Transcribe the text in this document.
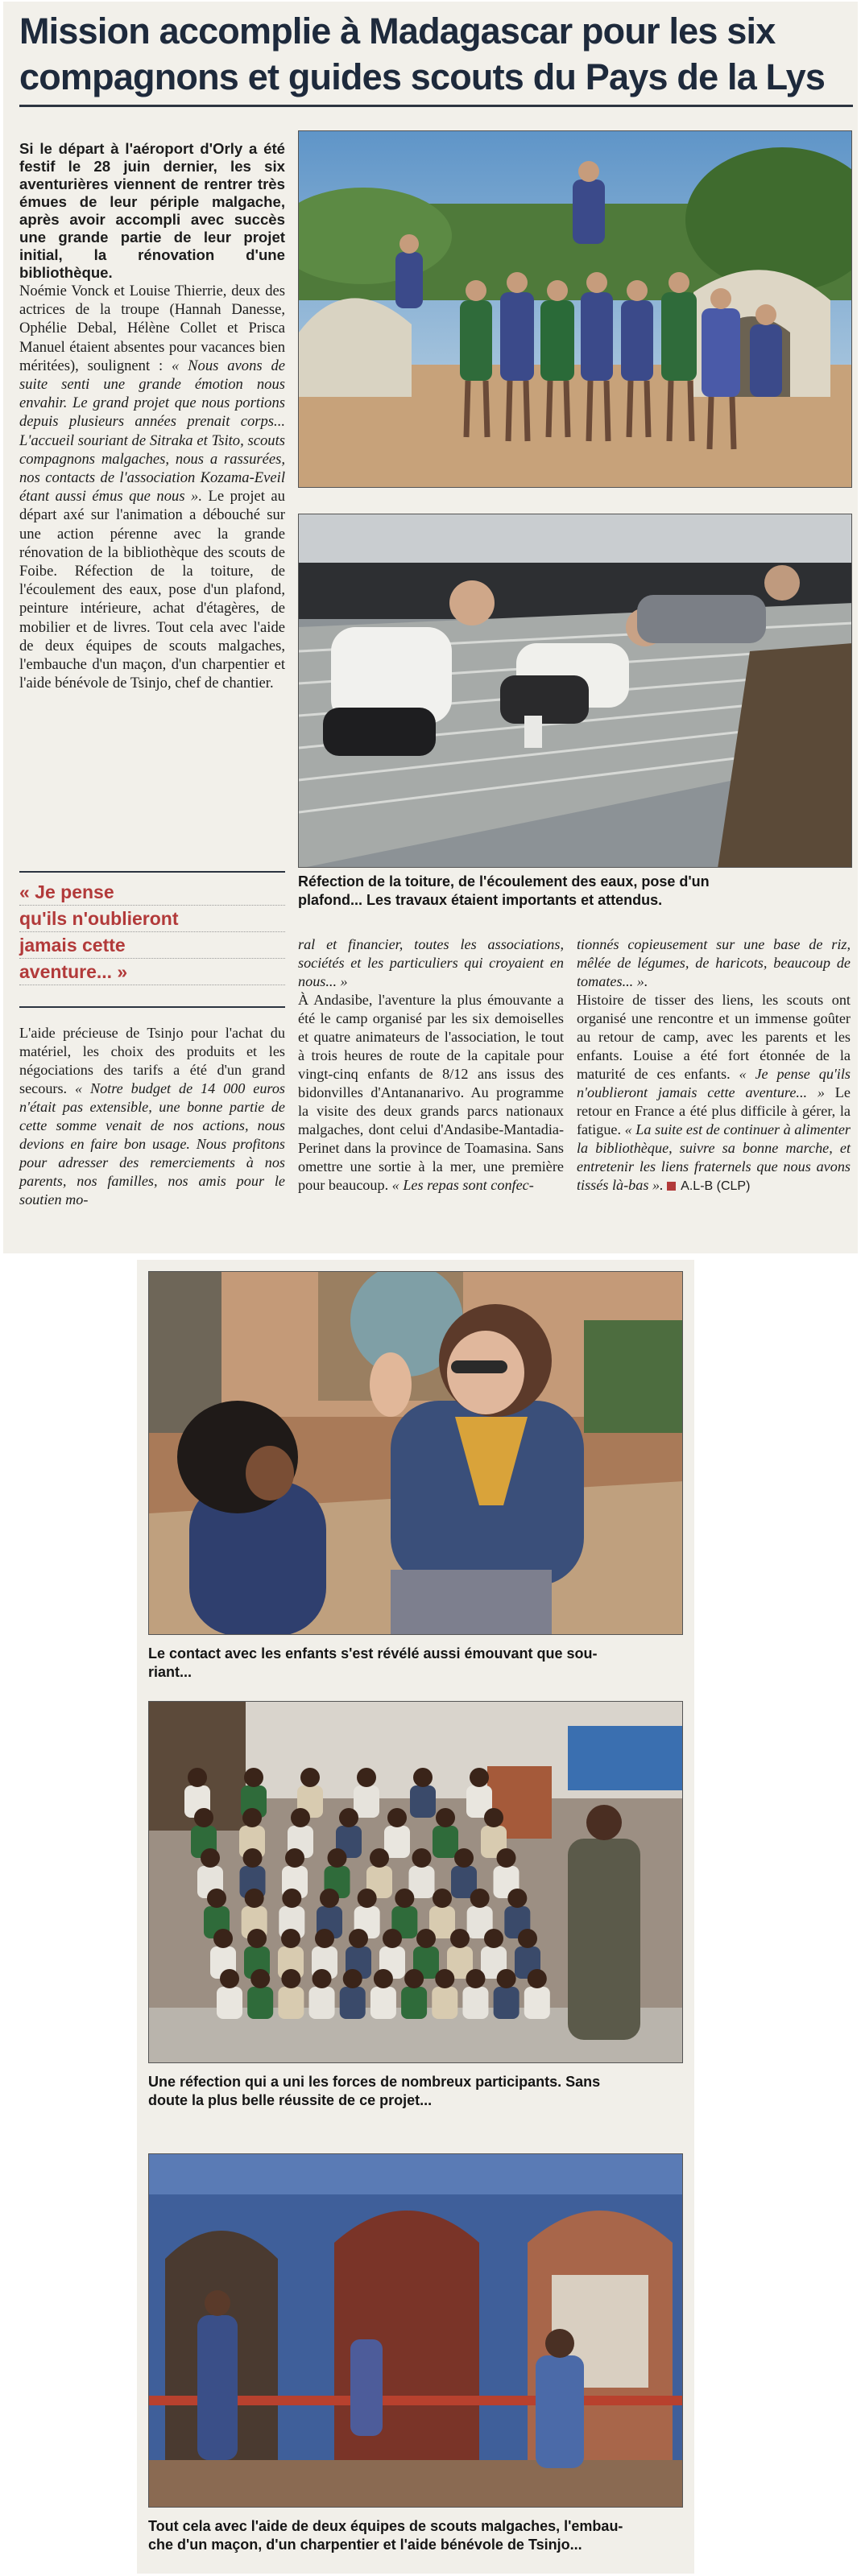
Mission accomplie à Madagascar pour les six
compagnons et guides scouts du Pays de la Lys

Si le départ à l'aéroport d'Orly a été festif le 28 juin dernier, les six aventurières viennent de rentrer très émues de leur périple malgache, après avoir accompli avec succès une grande partie de leur projet initial, la rénovation d'une bibliothèque.

Noémie Vonck et Louise Thierrie, deux des actrices de la troupe (Hannah Danesse, Ophélie Debal, Hélène Collet et Prisca Manuel étaient absentes pour vacances bien méritées), soulignent : « Nous avons de suite senti une grande émotion nous envahir. Le grand projet que nous portions depuis plusieurs années prenait corps... L'accueil souriant de Sitraka et Tsito, scouts compagnons malgaches, nous a rassurées, nos contacts de l'association Kozama-Eveil étant aussi émus que nous ». Le projet au départ axé sur l'animation a débouché sur une action pérenne avec la grande rénovation de la bibliothèque des scouts de Foibe. Réfection de la toiture, de l'écoulement des eaux, pose d'un plafond, peinture intérieure, achat d'étagères, de mobilier et de livres. Tout cela avec l'aide de deux équipes de scouts malgaches, l'embauche d'un maçon, d'un charpentier et l'aide bénévole de Tsinjo, chef de chantier.

Réfection de la toiture, de l'écoulement des eaux, pose d'un
plafond... Les travaux étaient importants et attendus.
« Je pense
qu'ils n'oublieront
jamais cette
aventure... »

L'aide précieuse de Tsinjo pour l'achat du matériel, les choix des produits et les négociations des tarifs a été d'un grand secours. « Notre budget de 14 000 euros n'était pas extensible, une bonne partie de cette somme venait de nos actions, nous devions en faire bon usage. Nous profitons pour adresser des remerciements à nos parents, nos familles, nos amis pour le soutien mo-

ral et financier, toutes les associations, sociétés et les particuliers qui croyaient en nous... »

À Andasibe, l'aventure la plus émouvante a été le camp organisé par les six demoiselles et quatre animateurs de l'association, le tout à trois heures de route de la capitale pour vingt-cinq enfants de 8/12 ans issus des bidonvilles d'Antananarivo. Au programme la visite des deux grands parcs nationaux malgaches, dont celui d'Andasibe-Mantadia-Perinet dans la province de Toamasina. Sans omettre une sortie à la mer, une première pour beaucoup. « Les repas sont confec-

tionnés copieusement sur une base de riz, mêlée de légumes, de haricots, beaucoup de tomates... ».

Histoire de tisser des liens, les scouts ont organisé une rencontre et un immense goûter au retour de camp, avec les parents et les enfants. Louise a été fort étonnée de la maturité de ces enfants. « Je pense qu'ils n'oublieront jamais cette aventure... » Le retour en France a été plus difficile à gérer, la fatigue. « La suite est de continuer à alimenter la bibliothèque, suivre sa bonne marche, et entretenir les liens fraternels que nous avons tissés là-bas ». A.L-B (CLP)

Le contact avec les enfants s'est révélé aussi émouvant que sou-
riant...
Une réfection qui a uni les forces de nombreux participants. Sans
doute la plus belle réussite de ce projet...
Tout cela avec l'aide de deux équipes de scouts malgaches, l'embau-
che d'un maçon, d'un charpentier et l'aide bénévole de Tsinjo...
